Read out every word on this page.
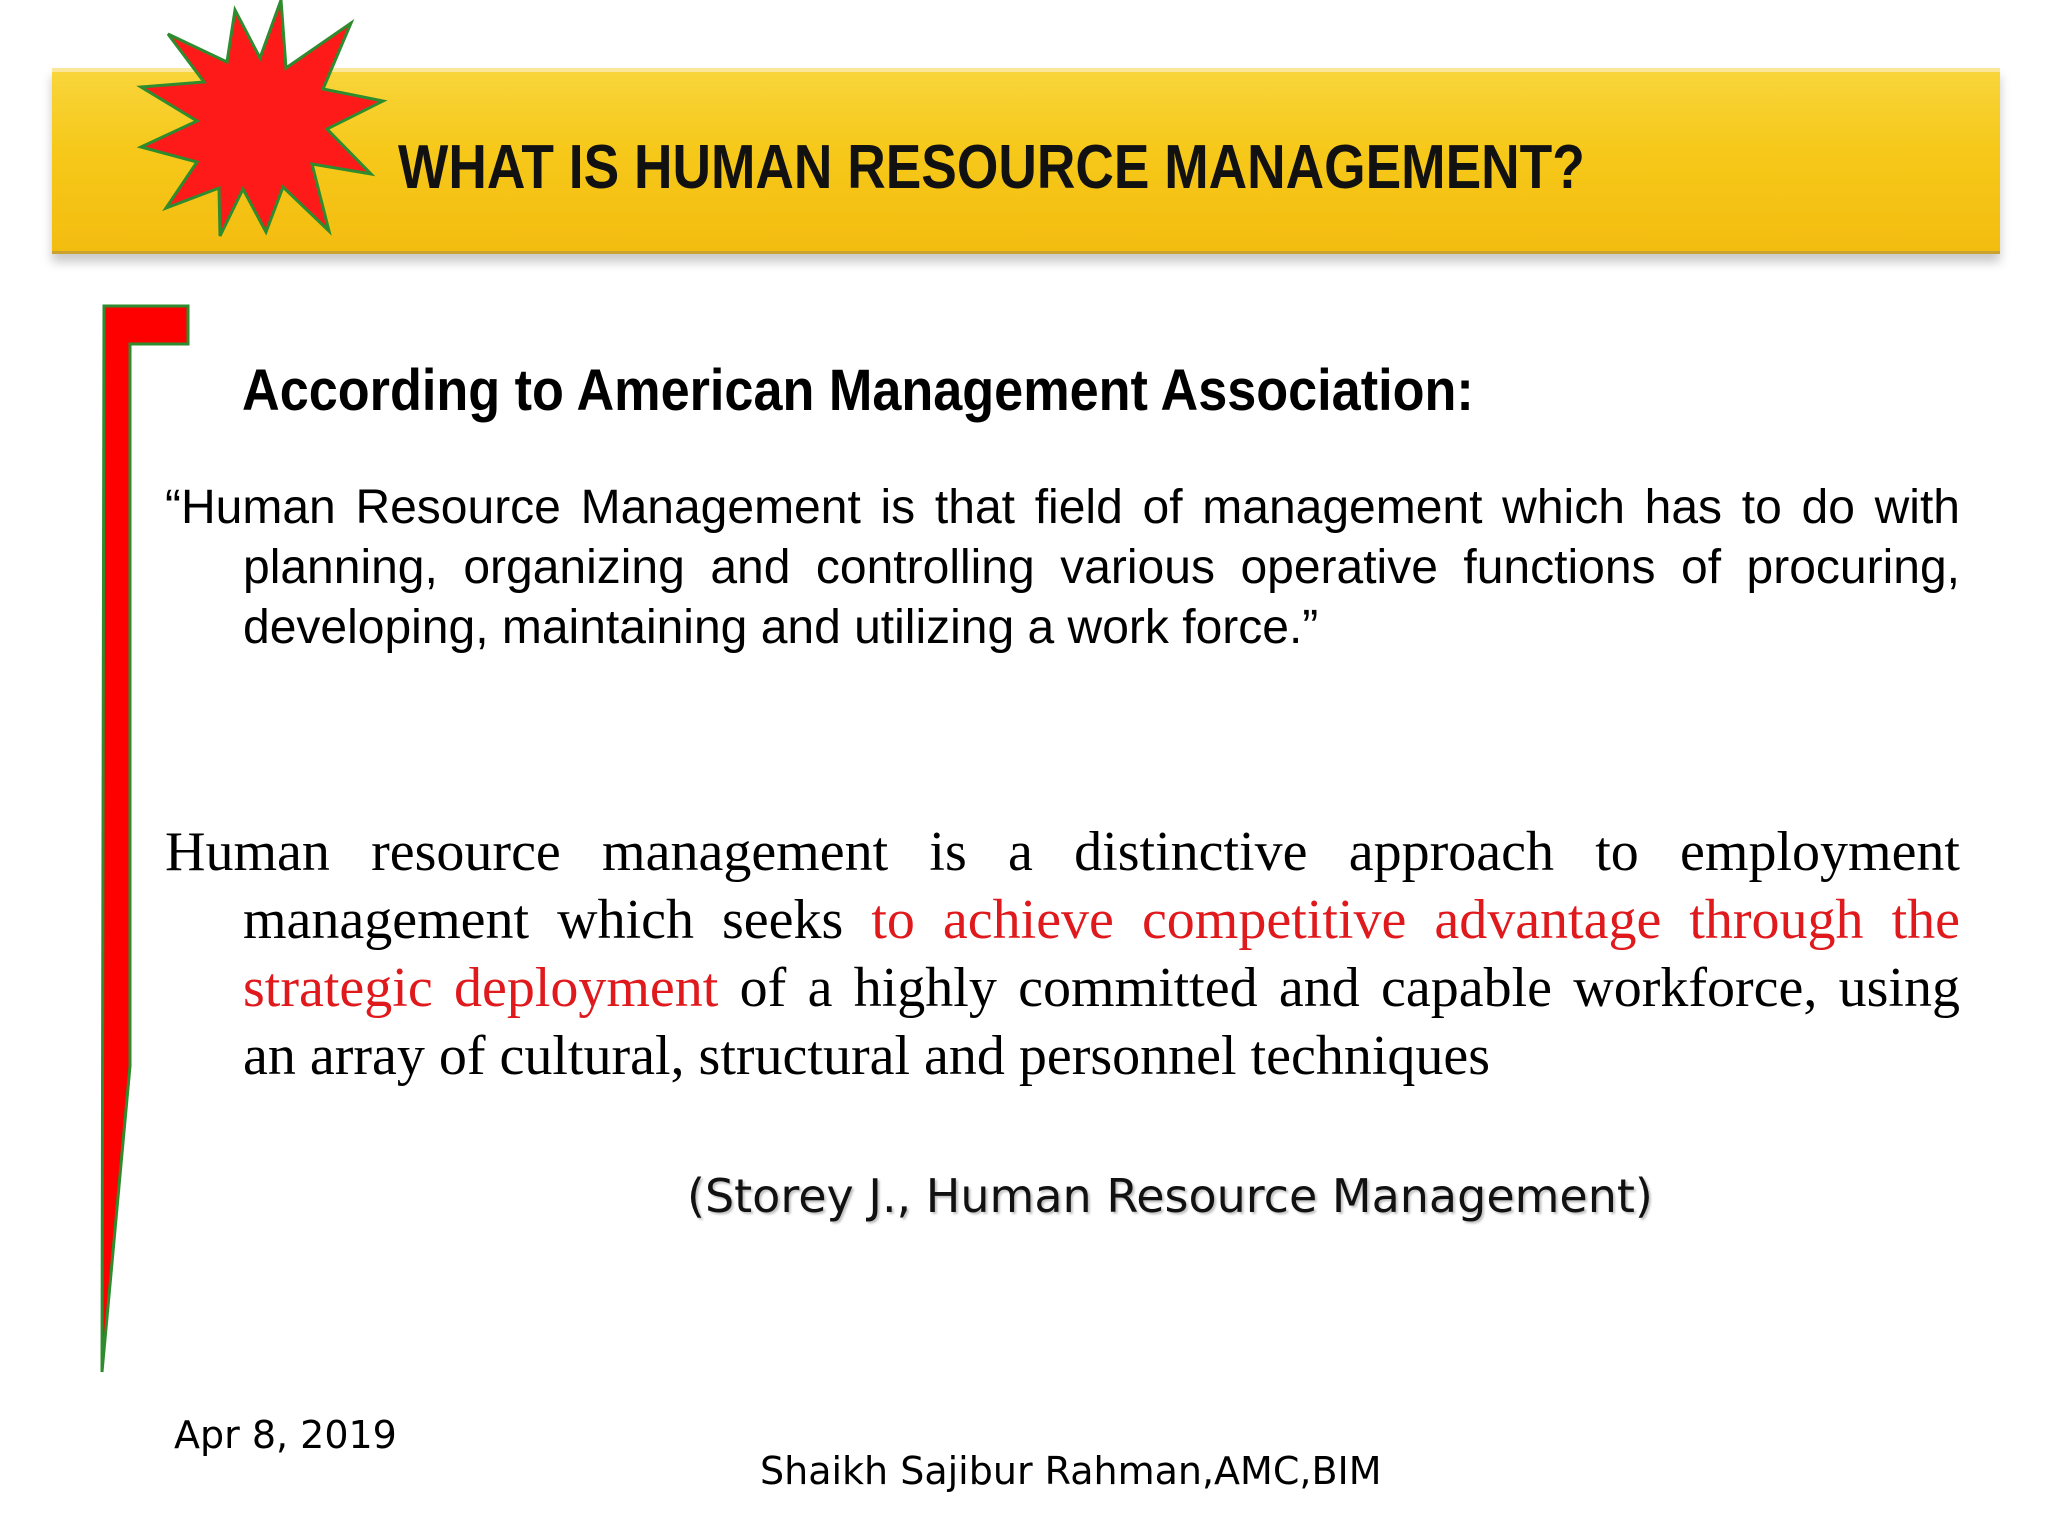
WHAT IS HUMAN RESOURCE MANAGEMENT?
According to American Management Association:

“Human Resource Management is that field of management which has to do with planning, organizing and controlling various operative functions of procuring, developing, maintaining and utilizing a work force.”

Human resource management is a distinctive approach to employment management which seeks to achieve competitive advantage through the strategic deployment of a highly committed and capable workforce, using an array of cultural, structural and personnel techniques

(Storey J., Human Resource Management)
Apr 8, 2019
Shaikh Sajibur Rahman,AMC,BIM
